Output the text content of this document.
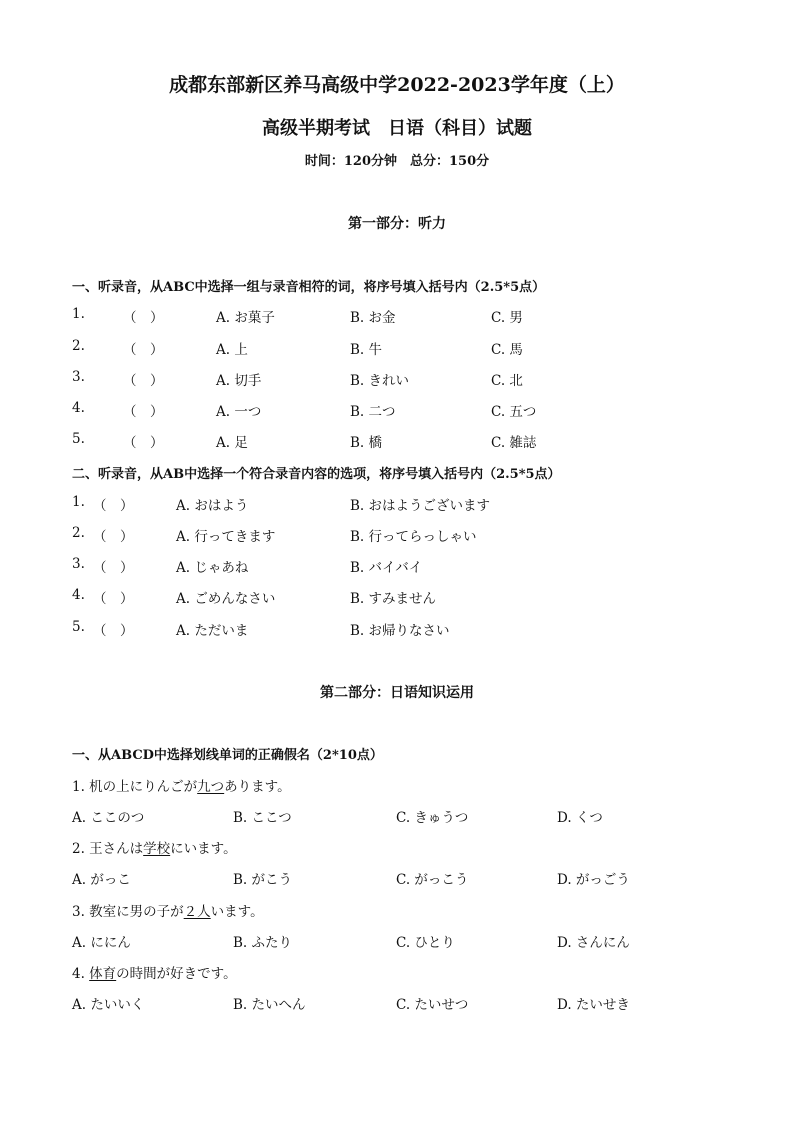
成都东部新区养马高级中学2022-2023学年度（上）
高级半期考试　日语（科目）试题
时间：120分钟　总分：150分
第一部分：听力
一、听录音，从ABC中选择一组与录音相符的词，将序号填入括号内（2.5*5点）
1.	（　）	A. お菓子	B. お金	C. 男
2.	（　）	A. 上	B. 牛	C. 馬
3.	（　）	A. 切手	B. きれい	C. 北
4.	（　）	A. 一つ	B. 二つ	C. 五つ
5.	（　）	A. 足	B. 橋	C. 雑誌
二、听录音，从AB中选择一个符合录音内容的选项，将序号填入括号内（2.5*5点）
1. （　）	A. おはよう	B. おはようございます
2. （　）	A. 行ってきます	B. 行ってらっしゃい
3. （　）	A. じゃあね	B. バイバイ
4. （　）	A. ごめんなさい	B. すみません
5. （　）	A. ただいま	B. お帰りなさい
第二部分：日语知识运用
一、从ABCD中选择划线单词的正确假名（2*10点）
1. 机の上にりんごが九つあります。
A. ここのつ	B. ここつ	C. きゅうつ	D. くつ
2. 王さんは学校にいます。
A. がっこ	B. がこう	C. がっこう	D. がっごう
3. 教室に男の子が２人います。
A. ににん	B. ふたり	C. ひとり	D. さんにん
4. 体育の時間が好きです。
A. たいいく	B. たいへん	C. たいせつ	D. たいせき
